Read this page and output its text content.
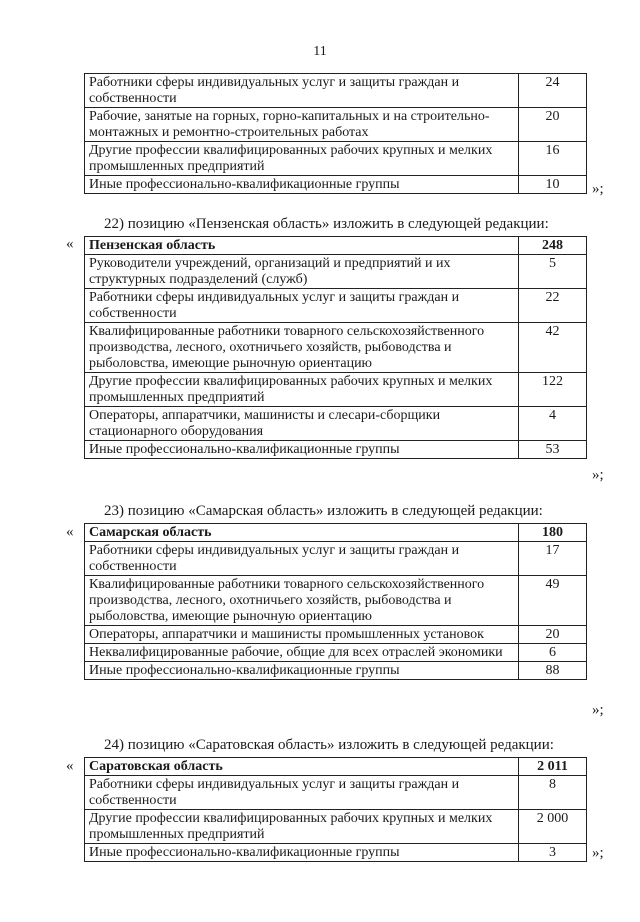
11
Работники сферы индивидуальных услуг и защиты граждан и собственности	24
Рабочие, занятые на горных, горно-капитальных и на строительно-монтажных и ремонтно-строительных работах	20
Другие профессии квалифицированных рабочих крупных и мелких промышленных предприятий	16
Иные профессионально-квалификационные группы	10 »;
22) позицию «Пензенская область» изложить в следующей редакции:
« Пензенская область	248
Руководители учреждений, организаций и предприятий и их структурных подразделений (служб)	5
Работники сферы индивидуальных услуг и защиты граждан и собственности	22
Квалифицированные работники товарного сельскохозяйственного производства, лесного, охотничьего хозяйств, рыбоводства и рыболовства, имеющие рыночную ориентацию	42
Другие профессии квалифицированных рабочих крупных и мелких промышленных предприятий	122
Операторы, аппаратчики, машинисты и слесари-сборщики стационарного оборудования	4
Иные профессионально-квалификационные группы	53
»;
23) позицию «Самарская область» изложить в следующей редакции:
« Самарская область	180
Работники сферы индивидуальных услуг и защиты граждан и собственности	17
Квалифицированные работники товарного сельскохозяйственного производства, лесного, охотничьего хозяйств, рыбоводства и рыболовства, имеющие рыночную ориентацию	49
Операторы, аппаратчики и машинисты промышленных установок	20
Неквалифицированные рабочие, общие для всех отраслей экономики	6
Иные профессионально-квалификационные группы	88
»;
24) позицию «Саратовская область» изложить в следующей редакции:
« Саратовская область	2 011
Работники сферы индивидуальных услуг и защиты граждан и собственности	8
Другие профессии квалифицированных рабочих крупных и мелких промышленных предприятий	2 000
Иные профессионально-квалификационные группы	3 »;
